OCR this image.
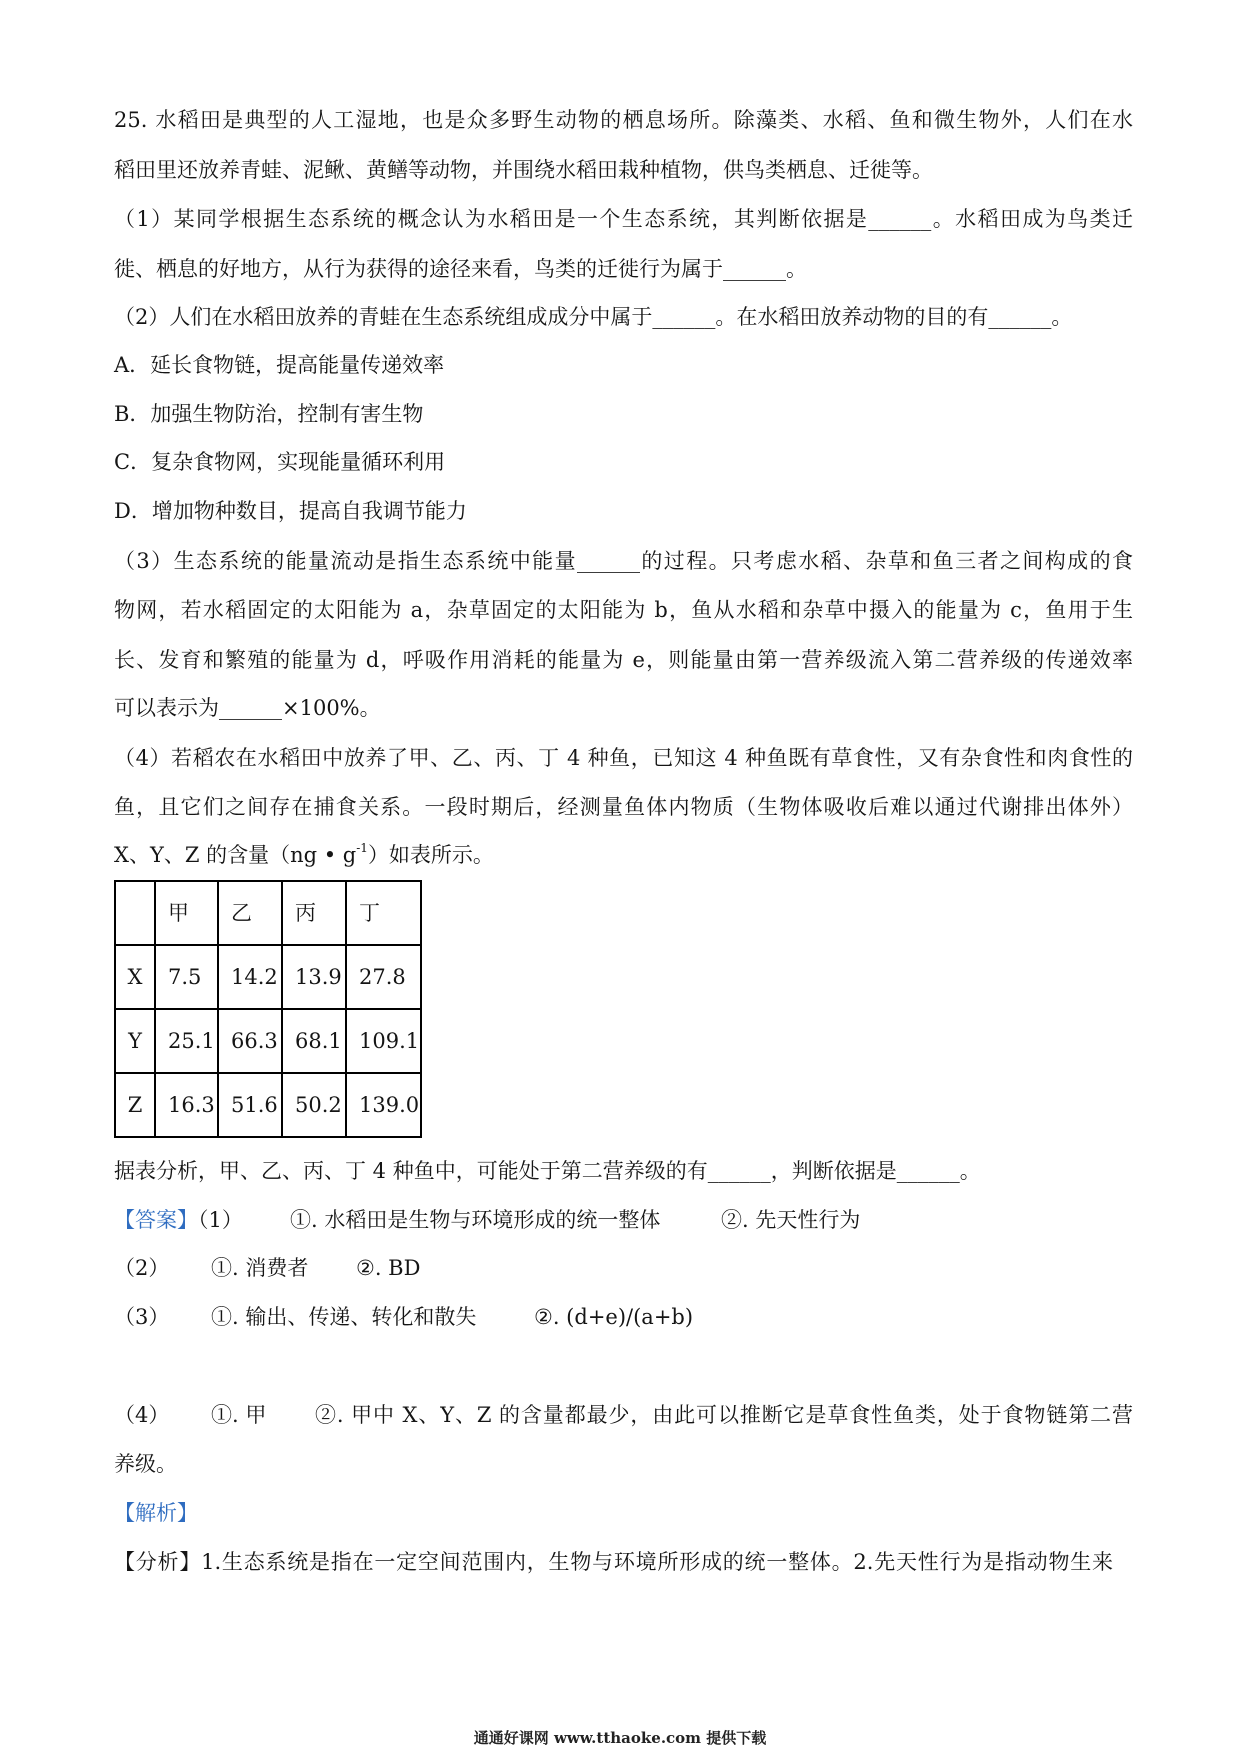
25. 水稻田是典型的人工湿地，也是众多野生动物的栖息场所。除藻类、水稻、鱼和微生物外，人们在水
稻田里还放养青蛙、泥鳅、黄鳝等动物，并围绕水稻田栽种植物，供鸟类栖息、迁徙等。
（1）某同学根据生态系统的概念认为水稻田是一个生态系统，其判断依据是______。水稻田成为鸟类迁
徙、栖息的好地方，从行为获得的途径来看，鸟类的迁徙行为属于______。
（2）人们在水稻田放养的青蛙在生态系统组成成分中属于______。在水稻田放养动物的目的有______。
A．延长食物链，提高能量传递效率
B．加强生物防治，控制有害生物
C．复杂食物网，实现能量循环利用
D．增加物种数目，提高自我调节能力
（3）生态系统的能量流动是指生态系统中能量______的过程。只考虑水稻、杂草和鱼三者之间构成的食
物网，若水稻固定的太阳能为 a，杂草固定的太阳能为 b，鱼从水稻和杂草中摄入的能量为 c，鱼用于生
长、发育和繁殖的能量为 d，呼吸作用消耗的能量为 e，则能量由第一营养级流入第二营养级的传递效率
可以表示为______×100%。
（4）若稻农在水稻田中放养了甲、乙、丙、丁 4 种鱼，已知这 4 种鱼既有草食性，又有杂食性和肉食性的
鱼，且它们之间存在捕食关系。一段时期后，经测量鱼体内物质（生物体吸收后难以通过代谢排出体外）
X、Y、Z 的含量（ng • $g^{-1}$）如表所示。
	甲	乙	丙	丁
X	7.5	14.2	13.9	27.8
Y	25.1	66.3	68.1	109.1
Z	16.3	51.6	50.2	139.0
据表分析，甲、乙、丙、丁 4 种鱼中，可能处于第二营养级的有______，判断依据是______。
【答案】（1） ①. 水稻田是生物与环境形成的统一整体	②. 先天性行为
（2） ①. 消费者 ②. BD
（3） ①. 输出、传递、转化和散失	②. (d+e)/(a+b)
（4） ①. 甲 ②. 甲中 X、Y、Z 的含量都最少，由此可以推断它是草食性鱼类，处于食物链第二营
养级。
【解析】
【分析】1.生态系统是指在一定空间范围内，生物与环境所形成的统一整体。2.先天性行为是指动物生来
通通好课网 www.tthaoke.com 提供下载
